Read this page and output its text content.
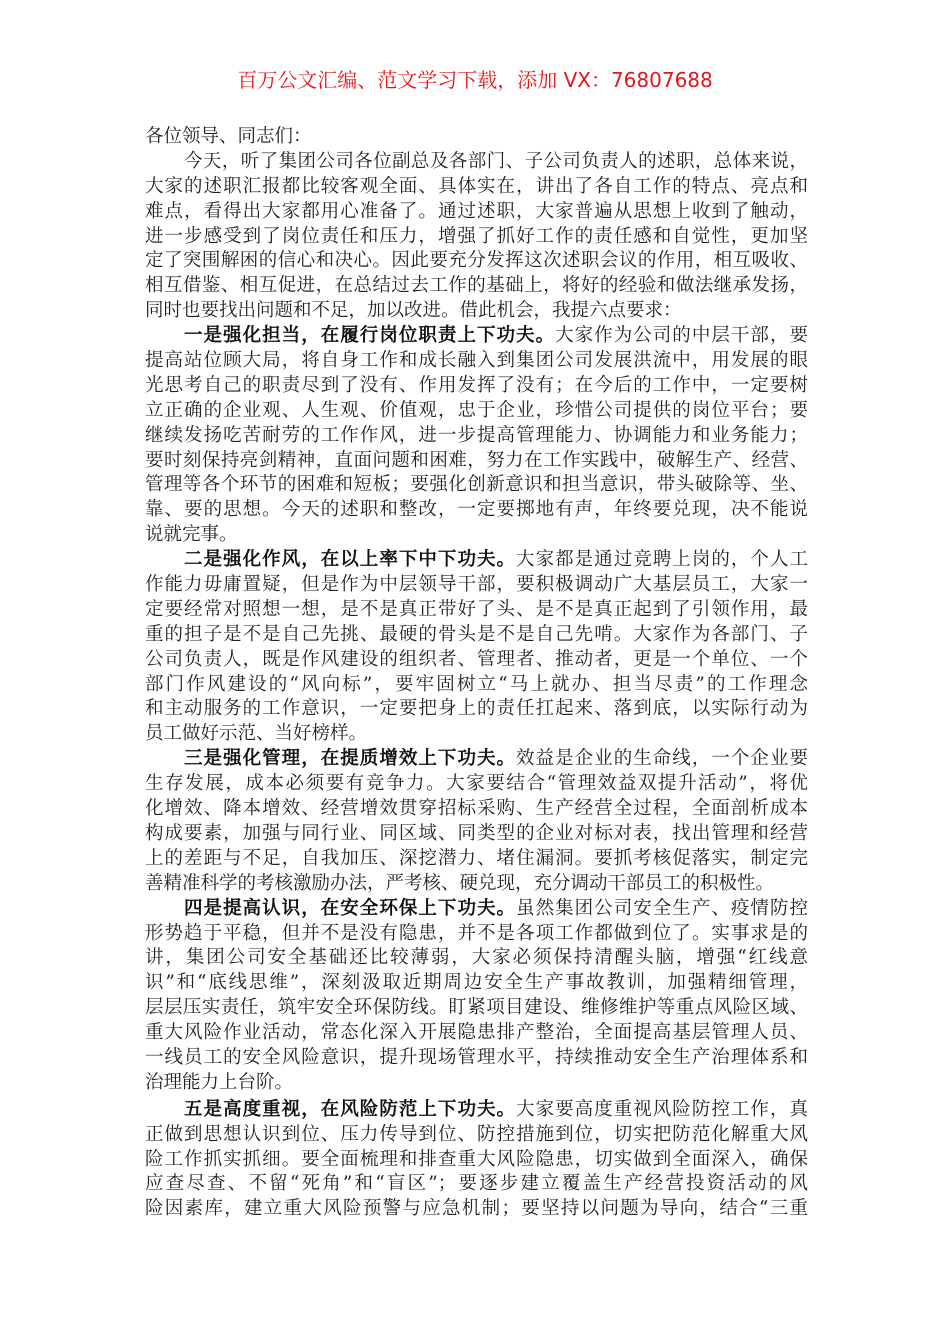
百万公文汇编、范文学习下载，添加 VX：76807688
各位领导、同志们：
今天，听了集团公司各位副总及各部门、子公司负责人的述职，总体来说，
大家的述职汇报都比较客观全面、具体实在，讲出了各自工作的特点、亮点和
难点，看得出大家都用心准备了。通过述职，大家普遍从思想上收到了触动，
进一步感受到了岗位责任和压力，增强了抓好工作的责任感和自觉性，更加坚
定了突围解困的信心和决心。因此要充分发挥这次述职会议的作用，相互吸收、
相互借鉴、相互促进，在总结过去工作的基础上，将好的经验和做法继承发扬，
同时也要找出问题和不足，加以改进。借此机会，我提六点要求：
一是强化担当，在履行岗位职责上下功夫。大家作为公司的中层干部，要
提高站位顾大局，将自身工作和成长融入到集团公司发展洪流中，用发展的眼
光思考自己的职责尽到了没有、作用发挥了没有；在今后的工作中，一定要树
立正确的企业观、人生观、价值观，忠于企业，珍惜公司提供的岗位平台；要
继续发扬吃苦耐劳的工作作风，进一步提高管理能力、协调能力和业务能力；
要时刻保持亮剑精神，直面问题和困难，努力在工作实践中，破解生产、经营、
管理等各个环节的困难和短板；要强化创新意识和担当意识，带头破除等、坐、
靠、要的思想。今天的述职和整改，一定要掷地有声，年终要兑现，决不能说
说就完事。
二是强化作风，在以上率下中下功夫。大家都是通过竞聘上岗的，个人工
作能力毋庸置疑，但是作为中层领导干部，要积极调动广大基层员工，大家一
定要经常对照想一想，是不是真正带好了头、是不是真正起到了引领作用，最
重的担子是不是自己先挑、最硬的骨头是不是自己先啃。大家作为各部门、子
公司负责人，既是作风建设的组织者、管理者、推动者，更是一个单位、一个
部门作风建设的“风向标”，要牢固树立“马上就办、担当尽责”的工作理念
和主动服务的工作意识，一定要把身上的责任扛起来、落到底，以实际行动为
员工做好示范、当好榜样。
三是强化管理，在提质增效上下功夫。效益是企业的生命线，一个企业要
生存发展，成本必须要有竞争力。大家要结合“管理效益双提升活动”，将优
化增效、降本增效、经营增效贯穿招标采购、生产经营全过程，全面剖析成本
构成要素，加强与同行业、同区域、同类型的企业对标对表，找出管理和经营
上的差距与不足，自我加压、深挖潜力、堵住漏洞。要抓考核促落实，制定完
善精准科学的考核激励办法，严考核、硬兑现，充分调动干部员工的积极性。
四是提高认识，在安全环保上下功夫。虽然集团公司安全生产、疫情防控
形势趋于平稳，但并不是没有隐患，并不是各项工作都做到位了。实事求是的
讲，集团公司安全基础还比较薄弱，大家必须保持清醒头脑，增强“红线意
识”和“底线思维”，深刻汲取近期周边安全生产事故教训，加强精细管理，
层层压实责任，筑牢安全环保防线。盯紧项目建设、维修维护等重点风险区域、
重大风险作业活动，常态化深入开展隐患排产整治，全面提高基层管理人员、
一线员工的安全风险意识，提升现场管理水平，持续推动安全生产治理体系和
治理能力上台阶。
五是高度重视，在风险防范上下功夫。大家要高度重视风险防控工作，真
正做到思想认识到位、压力传导到位、防控措施到位，切实把防范化解重大风
险工作抓实抓细。要全面梳理和排查重大风险隐患，切实做到全面深入，确保
应查尽查、不留“死角”和“盲区”；要逐步建立覆盖生产经营投资活动的风
险因素库，建立重大风险预警与应急机制；要坚持以问题为导向，结合“三重
